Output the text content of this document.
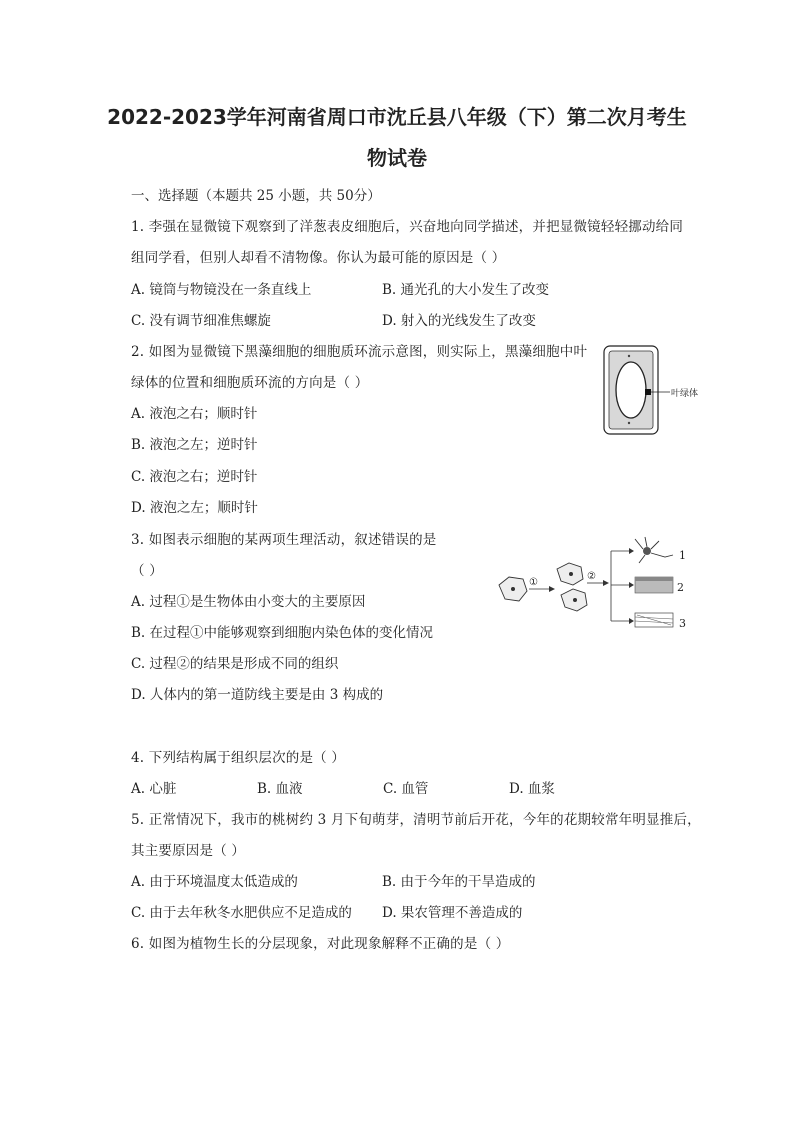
2022-2023学年河南省周口市沈丘县八年级（下）第二次月考生
物试卷
一、选择题（本题共 25 小题，共 50分）
1. 李强在显微镜下观察到了洋葱表皮细胞后，兴奋地向同学描述，并把显微镜轻轻挪动给同
组同学看，但别人却看不清物像。你认为最可能的原因是（ ）
A. 镜筒与物镜没在一条直线上	B. 通光孔的大小发生了改变
C. 没有调节细准焦螺旋	D. 射入的光线发生了改变
2. 如图为显微镜下黑藻细胞的细胞质环流示意图，则实际上，黑藻细胞中叶
绿体的位置和细胞质环流的方向是（ ）
A. 液泡之右；顺时针
B. 液泡之左；逆时针
C. 液泡之右；逆时针
D. 液泡之左；顺时针
叶绿体
3. 如图表示细胞的某两项生理活动，叙述错误的是
（ ）
A. 过程①是生物体由小变大的主要原因
B. 在过程①中能够观察到细胞内染色体的变化情况
C. 过程②的结果是形成不同的组织
D. 人体内的第一道防线主要是由 3 构成的
①
②
1
2
3
4. 下列结构属于组织层次的是（ ）
A. 心脏	B. 血液	C. 血管	D. 血浆
5. 正常情况下，我市的桃树约 3 月下旬萌芽，清明节前后开花，今年的花期较常年明显推后，
其主要原因是（ ）
A. 由于环境温度太低造成的	B. 由于今年的干旱造成的
C. 由于去年秋冬水肥供应不足造成的 D. 果农管理不善造成的
6. 如图为植物生长的分层现象，对此现象解释不正确的是（ ）
